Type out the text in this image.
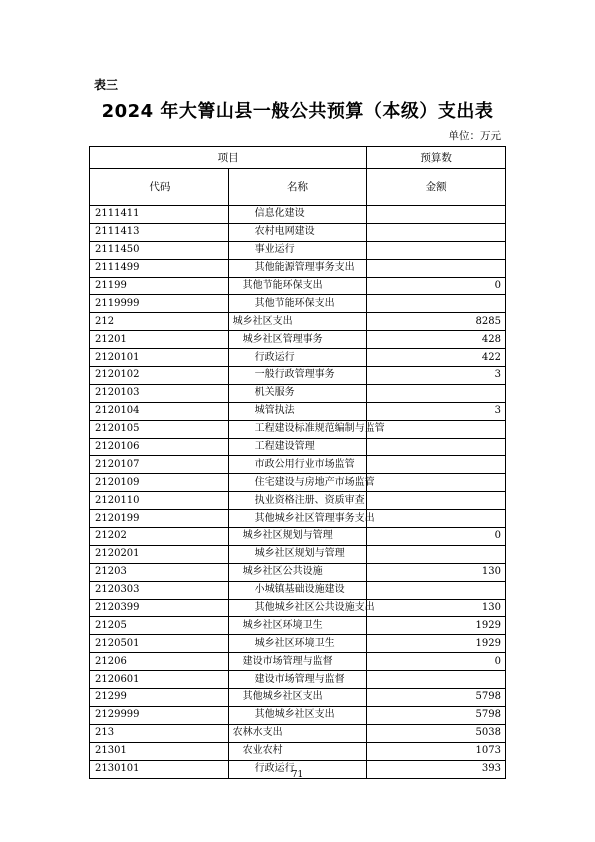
表三
2024 年大箐山县一般公共预算（本级）支出表
单位：万元
项目		预算数
代码	名称	金额
2111411	信息化建设	
2111413	农村电网建设	
2111450	事业运行	
2111499	其他能源管理事务支出	
21199	其他节能环保支出	0
2119999	其他节能环保支出	
212	城乡社区支出	8285
21201	城乡社区管理事务	428
2120101	行政运行	422
2120102	一般行政管理事务	3
2120103	机关服务	
2120104	城管执法	3
2120105	工程建设标准规范编制与监管	
2120106	工程建设管理	
2120107	市政公用行业市场监管	
2120109	住宅建设与房地产市场监管	
2120110	执业资格注册、资质审查	
2120199	其他城乡社区管理事务支出	
21202	城乡社区规划与管理	0
2120201	城乡社区规划与管理	
21203	城乡社区公共设施	130
2120303	小城镇基础设施建设	
2120399	其他城乡社区公共设施支出	130
21205	城乡社区环境卫生	1929
2120501	城乡社区环境卫生	1929
21206	建设市场管理与监督	0
2120601	建设市场管理与监督	
21299	其他城乡社区支出	5798
2129999	其他城乡社区支出	5798
213	农林水支出	5038
21301	农业农村	1073
2130101	行政运行	393
71
